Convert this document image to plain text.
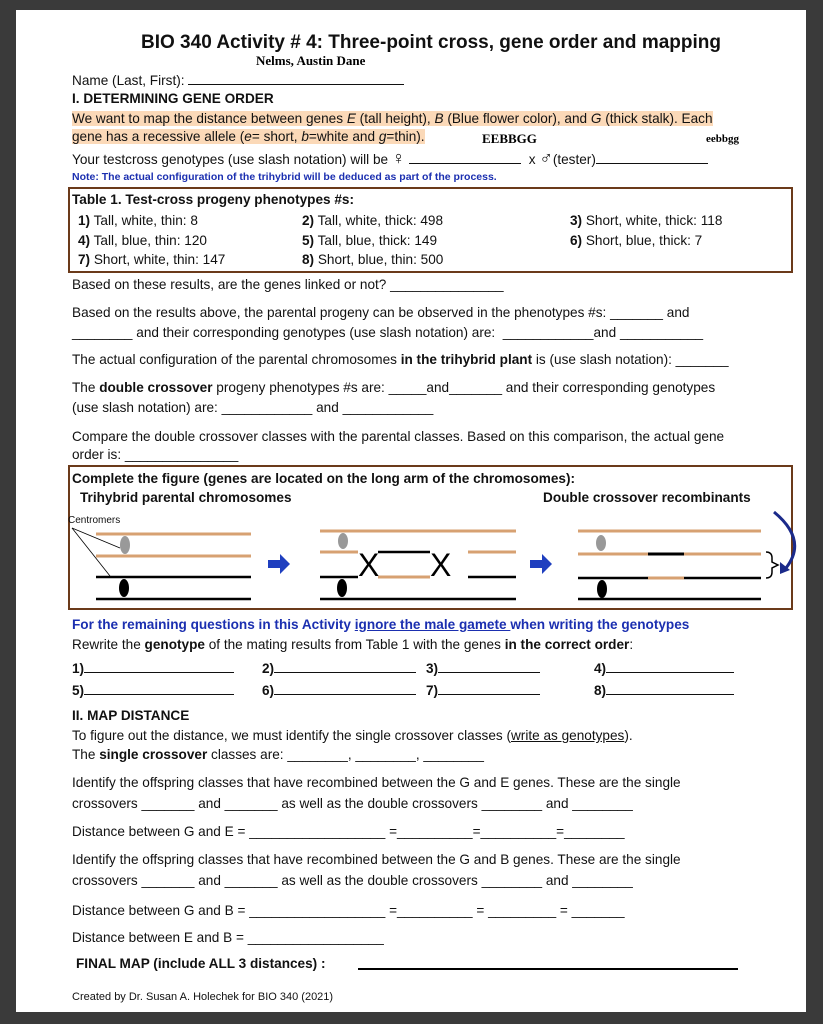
BIO 340 Activity # 4: Three-point cross, gene order and mapping
Name (Last, First):
Nelms, Austin Dane
I. DETERMINING GENE ORDER
We want to map the distance between genes E (tall height), B (Blue flower color), and G (thick stalk). Each
gene has a recessive allele (e= short, b=white and g=thin).
Your testcross genotypes (use slash notation) will be ♀	x ♂(tester)
EEBBGG	eebbgg
Note: The actual configuration of the trihybrid will be deduced as part of the process.
Table 1. Test-cross progeny phenotypes #s:
1) Tall, white, thin: 8	2) Tall, white, thick: 498	3) Short, white, thick: 118
4) Tall, blue, thin: 120	5) Tall, blue, thick: 149	6) Short, blue, thick: 7
7) Short, white, thin: 147	8) Short, blue, thin: 500
Based on these results, are the genes linked or not? _______________
Based on the results above, the parental progeny can be observed in the phenotypes #s: _______ and
________ and their corresponding genotypes (use slash notation) are:  ____________and ___________
The actual configuration of the parental chromosomes in the trihybrid plant is (use slash notation): _______
The double crossover progeny phenotypes #s are: _____and_______ and their corresponding genotypes
(use slash notation) are: ____________ and ____________
Compare the double crossover classes with the parental classes. Based on this comparison, the actual gene
order is: _______________
Complete the figure (genes are located on the long arm of the chromosomes):
Trihybrid parental chromosomes	Double crossover recombinants
Centromers
X X
For the remaining questions in this Activity ignore the male gamete when writing the genotypes
Rewrite the genotype of the mating results from Table 1 with the genes in the correct order:
1)	2)	3)	4)
5)	6)	7)	8)
II. MAP DISTANCE
To figure out the distance, we must identify the single crossover classes (write as genotypes).
The single crossover classes are: ________, ________, ________
Identify the offspring classes that have recombined between the G and E genes. These are the single
crossovers _______ and _______ as well as the double crossovers ________ and ________
Distance between G and E = __________________ =__________=__________=________
Identify the offspring classes that have recombined between the G and B genes. These are the single
crossovers _______ and _______ as well as the double crossovers ________ and ________
Distance between G and B = __________________ =__________ = _________ = _______
Distance between E and B = __________________
FINAL MAP (include ALL 3 distances) :
Created by Dr. Susan A. Holechek for BIO 340 (2021)
